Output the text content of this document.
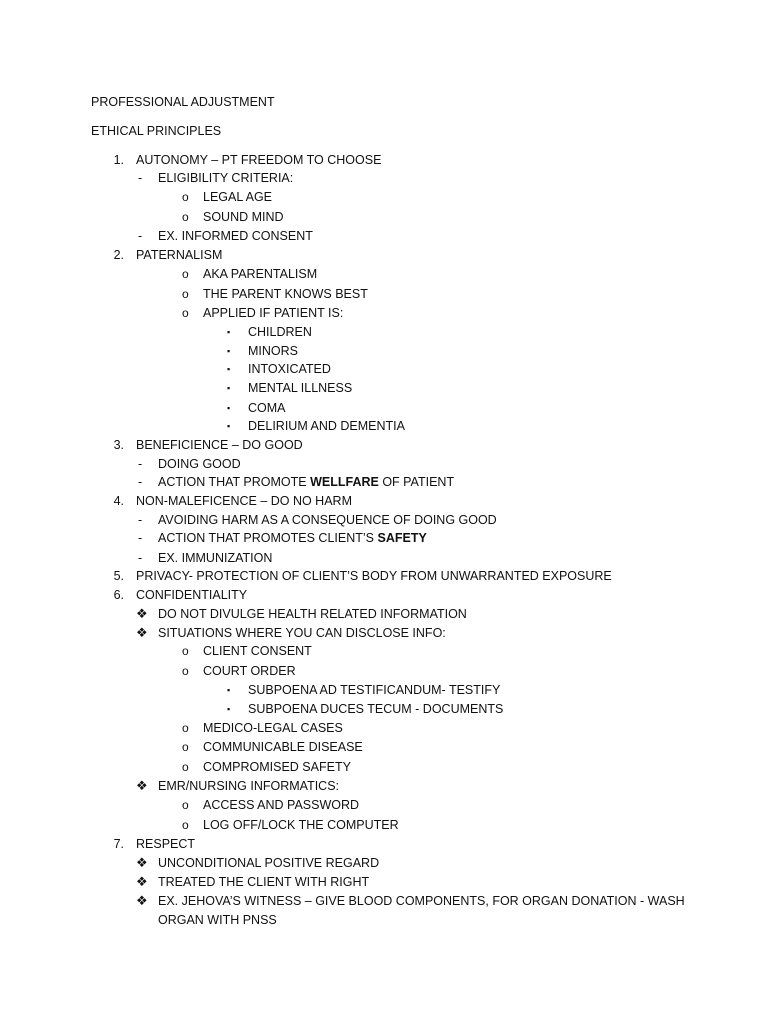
PROFESSIONAL ADJUSTMENT
ETHICAL PRINCIPLES
1. AUTONOMY – PT FREEDOM TO CHOOSE
-	ELIGIBILITY CRITERIA:
o LEGAL AGE
o SOUND MIND
-	EX. INFORMED CONSENT
2. PATERNALISM
o AKA PARENTALISM
o THE PARENT KNOWS BEST
o APPLIED IF PATIENT IS:
▪ CHILDREN
▪ MINORS
▪ INTOXICATED
▪ MENTAL ILLNESS
▪ COMA
▪ DELIRIUM AND DEMENTIA
3. BENEFICIENCE – DO GOOD
-	DOING GOOD
-	ACTION THAT PROMOTE WELLFARE OF PATIENT
4. NON-MALEFICENCE – DO NO HARM
-	AVOIDING HARM AS A CONSEQUENCE OF DOING GOOD
-	ACTION THAT PROMOTES CLIENT’S SAFETY
-	EX. IMMUNIZATION
5. PRIVACY- PROTECTION OF CLIENT’S BODY FROM UNWARRANTED EXPOSURE
6. CONFIDENTIALITY
❖ DO NOT DIVULGE HEALTH RELATED INFORMATION
❖ SITUATIONS WHERE YOU CAN DISCLOSE INFO:
o CLIENT CONSENT
o COURT ORDER
▪ SUBPOENA AD TESTIFICANDUM- TESTIFY
▪ SUBPOENA DUCES TECUM - DOCUMENTS
o MEDICO-LEGAL CASES
o COMMUNICABLE DISEASE
o COMPROMISED SAFETY
❖ EMR/NURSING INFORMATICS:
o ACCESS AND PASSWORD
o LOG OFF/LOCK THE COMPUTER
7. RESPECT
❖ UNCONDITIONAL POSITIVE REGARD
❖ TREATED THE CLIENT WITH RIGHT
❖ EX. JEHOVA’S WITNESS – GIVE BLOOD COMPONENTS, FOR ORGAN DONATION - WASH
ORGAN WITH PNSS
